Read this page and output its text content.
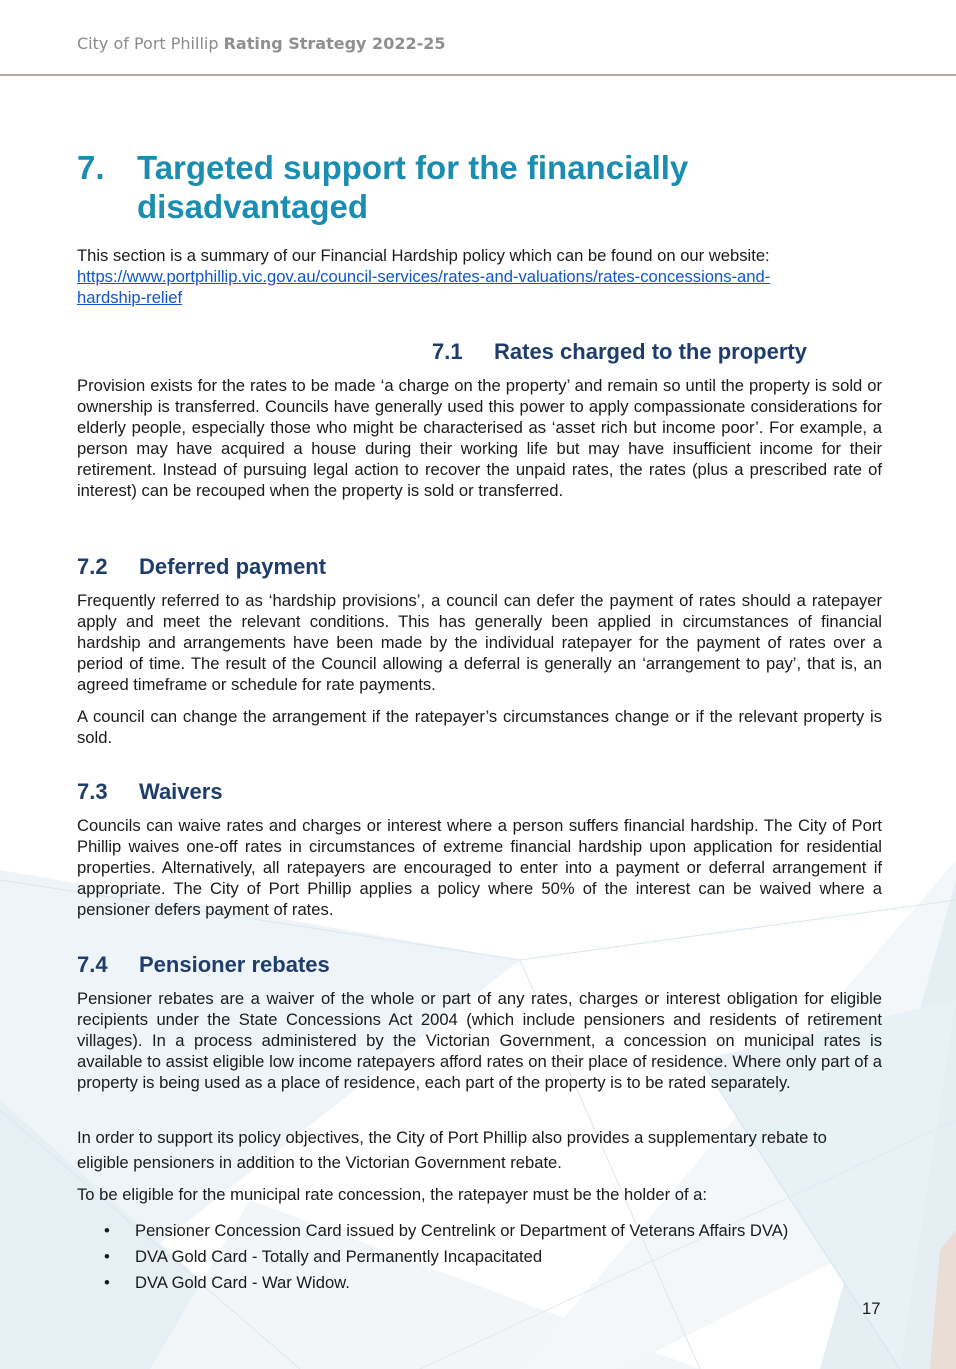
City of Port Phillip Rating Strategy 2022-25
7. Targeted support for the financially disadvantaged

This section is a summary of our Financial Hardship policy which can be found on our website:
https://www.portphillip.vic.gov.au/council-services/rates-and-valuations/rates-concessions-and-
hardship-relief

7.1	Rates charged to the property

Provision exists for the rates to be made ‘a charge on the property’ and remain so until the property is sold or ownership is transferred. Councils have generally used this power to apply compassionate considerations for elderly people, especially those who might be characterised as ‘asset rich but income poor’. For example, a person may have acquired a house during their working life but may have insufficient income for their retirement. Instead of pursuing legal action to recover the unpaid rates, the rates (plus a prescribed rate of interest) can be recouped when the property is sold or transferred.

7.2	Deferred payment

Frequently referred to as ‘hardship provisions’, a council can defer the payment of rates should a ratepayer apply and meet the relevant conditions. This has generally been applied in circumstances of financial hardship and arrangements have been made by the individual ratepayer for the payment of rates over a period of time. The result of the Council allowing a deferral is generally an ‘arrangement to pay’, that is, an agreed timeframe or schedule for rate payments.

A council can change the arrangement if the ratepayer’s circumstances change or if the relevant property is sold.

7.3	Waivers

Councils can waive rates and charges or interest where a person suffers financial hardship. The City of Port Phillip waives one-off rates in circumstances of extreme financial hardship upon application for residential properties. Alternatively, all ratepayers are encouraged to enter into a payment or deferral arrangement if appropriate. The City of Port Phillip applies a policy where 50% of the interest can be waived where a pensioner defers payment of rates.

7.4	Pensioner rebates

Pensioner rebates are a waiver of the whole or part of any rates, charges or interest obligation for eligible recipients under the State Concessions Act 2004 (which include pensioners and residents of retirement villages). In a process administered by the Victorian Government, a concession on municipal rates is available to assist eligible low income ratepayers afford rates on their place of residence. Where only part of a property is being used as a place of residence, each part of the property is to be rated separately.

In order to support its policy objectives, the City of Port Phillip also provides a supplementary rebate to eligible pensioners in addition to the Victorian Government rebate.

To be eligible for the municipal rate concession, the ratepayer must be the holder of a:

• Pensioner Concession Card issued by Centrelink or Department of Veterans Affairs DVA)
• DVA Gold Card - Totally and Permanently Incapacitated
• DVA Gold Card - War Widow.
17
